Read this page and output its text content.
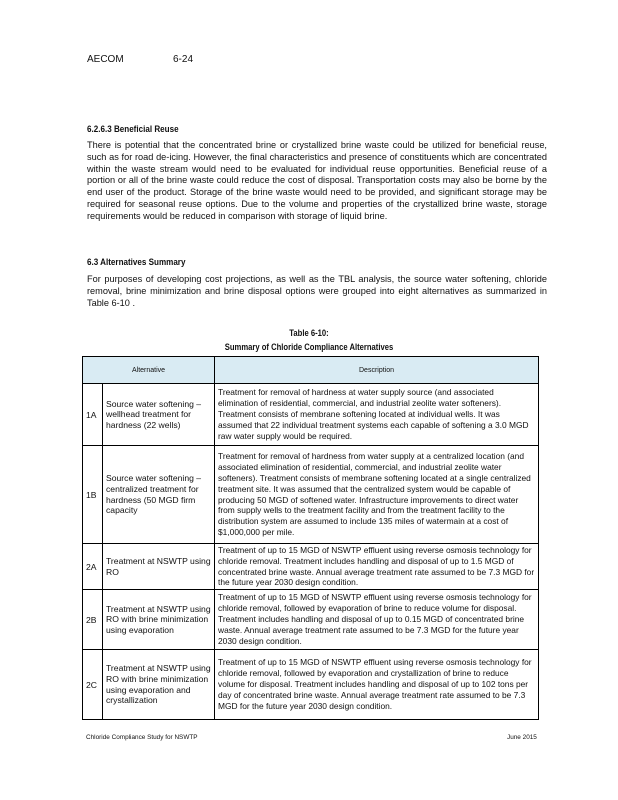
AECOM	6-24
6.2.6.3 Beneficial Reuse
There is potential that the concentrated brine or crystallized brine waste could be utilized for beneficial reuse, such as for road de-icing. However, the final characteristics and presence of constituents which are concentrated within the waste stream would need to be evaluated for individual reuse opportunities. Beneficial reuse of a portion or all of the brine waste could reduce the cost of disposal. Transportation costs may also be borne by the end user of the product. Storage of the brine waste would need to be provided, and significant storage may be required for seasonal reuse options. Due to the volume and properties of the crystallized brine waste, storage requirements would be reduced in comparison with storage of liquid brine.
6.3 Alternatives Summary
For purposes of developing cost projections, as well as the TBL analysis, the source water softening, chloride removal, brine minimization and brine disposal options were grouped into eight alternatives as summarized in Table 6-10 .
Table 6-10:
Summary of Chloride Compliance Alternatives
Alternative		Description
1A	Source water softening – wellhead treatment for hardness (22 wells)	Treatment for removal of hardness at water supply source (and associated elimination of residential, commercial, and industrial zeolite water softeners). Treatment consists of membrane softening located at individual wells. It was assumed that 22 individual treatment systems each capable of softening a 3.0 MGD raw water supply would be required.
1B	Source water softening – centralized treatment for hardness (50 MGD firm capacity	Treatment for removal of hardness from water supply at a centralized location (and associated elimination of residential, commercial, and industrial zeolite water softeners). Treatment consists of membrane softening located at a single centralized treatment site. It was assumed that the centralized system would be capable of producing 50 MGD of softened water. Infrastructure improvements to direct water from supply wells to the treatment facility and from the treatment facility to the distribution system are assumed to include 135 miles of watermain at a cost of $1,000,000 per mile.
2A	Treatment at NSWTP using RO	Treatment of up to 15 MGD of NSWTP effluent using reverse osmosis technology for chloride removal. Treatment includes handling and disposal of up to 1.5 MGD of concentrated brine waste. Annual average treatment rate assumed to be 7.3 MGD for the future year 2030 design condition.
2B	Treatment at NSWTP using RO with brine minimization using evaporation	Treatment of up to 15 MGD of NSWTP effluent using reverse osmosis technology for chloride removal, followed by evaporation of brine to reduce volume for disposal. Treatment includes handling and disposal of up to 0.15 MGD of concentrated brine waste. Annual average treatment rate assumed to be 7.3 MGD for the future year 2030 design condition.
2C	Treatment at NSWTP using RO with brine minimization using evaporation and crystallization	Treatment of up to 15 MGD of NSWTP effluent using reverse osmosis technology for chloride removal, followed by evaporation and crystallization of brine to reduce volume for disposal. Treatment includes handling and disposal of up to 102 tons per day of concentrated brine waste. Annual average treatment rate assumed to be 7.3 MGD for the future year 2030 design condition.
Chloride Compliance Study for NSWTP	June 2015
